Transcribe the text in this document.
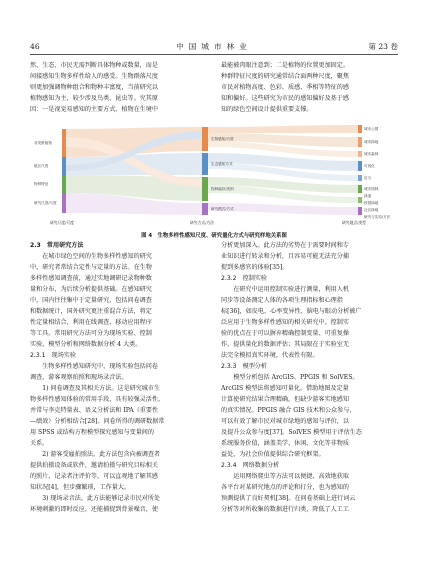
46	中国城市林业	第 23 卷

然、生态、市民无需判断具体物种或数量，而是

间接感知生物多样性给人的感受。生物群落尺度

则更加强调物种组合和物种丰富度，当前研究以

植物感知为主，较少涉及鸟类、昆虫等。究其原

因：一是视觉易感知的主要方式，植物在生境中

最能被肉眼注意到；二是植物的位置更加固定。

种群特征尺度的研究通常结合面两种尺度，聚焦

市民对植物高度、色彩、质感、季相等特征的感

知和偏好。这些研究为市民的感知偏好及基于感

知的绿色空间设计提供重要支撑。

非发维植物
植区尺度
物种特征
研究尺度/尺度
生物感知/尺度
生态感知方式
物种偏好/类别
研究模式/方式
城市公园
城市绿地
城市森林
可视化
应当
城市园林
绿道
校园绿地
社区绿地
研究与实验/方法
研究尺度/尺度	研究方式/方法	研究地点/类型
图 4　生物多样性感知尺度、研究量化方式与研究样地关系图

2.3　常用研究方法

在城市绿色空间的生物多样性感知的研究

中，研究者常结合定性与定量的方法。在生物

多样性感知调查前，通过实地调研记录物种数

量和分布，为后续分析提供基础。在感知研究

中，国内往往集中于定量研究，包括问卷调查

和数据统计，国外研究更注重混合方法，将定

性定量相结合，利用在线调查、移动应用程序

等工具。常用研究方法可分为现场实验、控制

实验、模型分析和网络数据分析 4 大类。

2.3.1　现场实验

生物多样性感知研究中，现场实验包括问卷

调查、游客观察拍照和现场录音法。

1) 问卷调查及其相关方法。这是研究城市生

物多样性感知体验的常用手段，具有较强灵活性，

并常与李克特量表、语义分析法和 IPA（重要性

—绩效）分析相结合[28]。问卷所得的调研数据常

用 SPSS 或结构方程模型探究感知与变量间的

关系。

2) 游客受雇拍照法。此方法包含向被调查者

提供拍摄设备或软件，邀请拍摄与研究目标相关

的照片，记录者注评价等，可以直观地了解其感

知状况[4]，但步骤繁琐，工作量大。

3) 现场录音法。此方法能够记录市民对所处

环境刺激的即时反应，还能捕捉到背景噪音，使

分析更加深入。此方法的劣势在于需要时间和专

业知识进行转录和分析，且容易可能无法充分捕

捉到多感官的体验[35]。

2.3.2　控制实验

在研究中运用控制实验进行测量，利用人机

同步等设备测定人体的各项生理指标和心理指

标[36]，如皮电、心率变异性、脑电与眼动分析被广

泛应用于生物多样性感知的相关研究中。控制实

验的优点在于可以摒弃精确控制变量、可重复操

作，提供量化的数据评估；其局限在于实验室无

法完全模拟真实环境，代表性有限。

2.3.3　模型分析

模型分析包括 ArcGIS、PPGIS 和 SolVES。

ArcGIS 模型法将感知可量化，借助地图及定量

计算使研究结果合理精确，但缺少游客实地感知

的真实情况。PPGIS 融合 GIS 技术和公众参与，

可以有效了解市民对城市绿地的感知与评价，以

及提升公众参与度[37]。SolVES 模型用于评估生态

系统服务价值，涵盖美学、休闲、文化等非物质

益处，为社会价值提供综合研究框架。

2.3.4　网络数据分析

运用网络爬虫等方法可以便捷、高效地获取

各平台对某研究地点的评论和打分，也为感知的

预测提供了良好契机[38]。在问卷基础上进行词云

分析等对所收集的数据进行归类，降低了人工工
